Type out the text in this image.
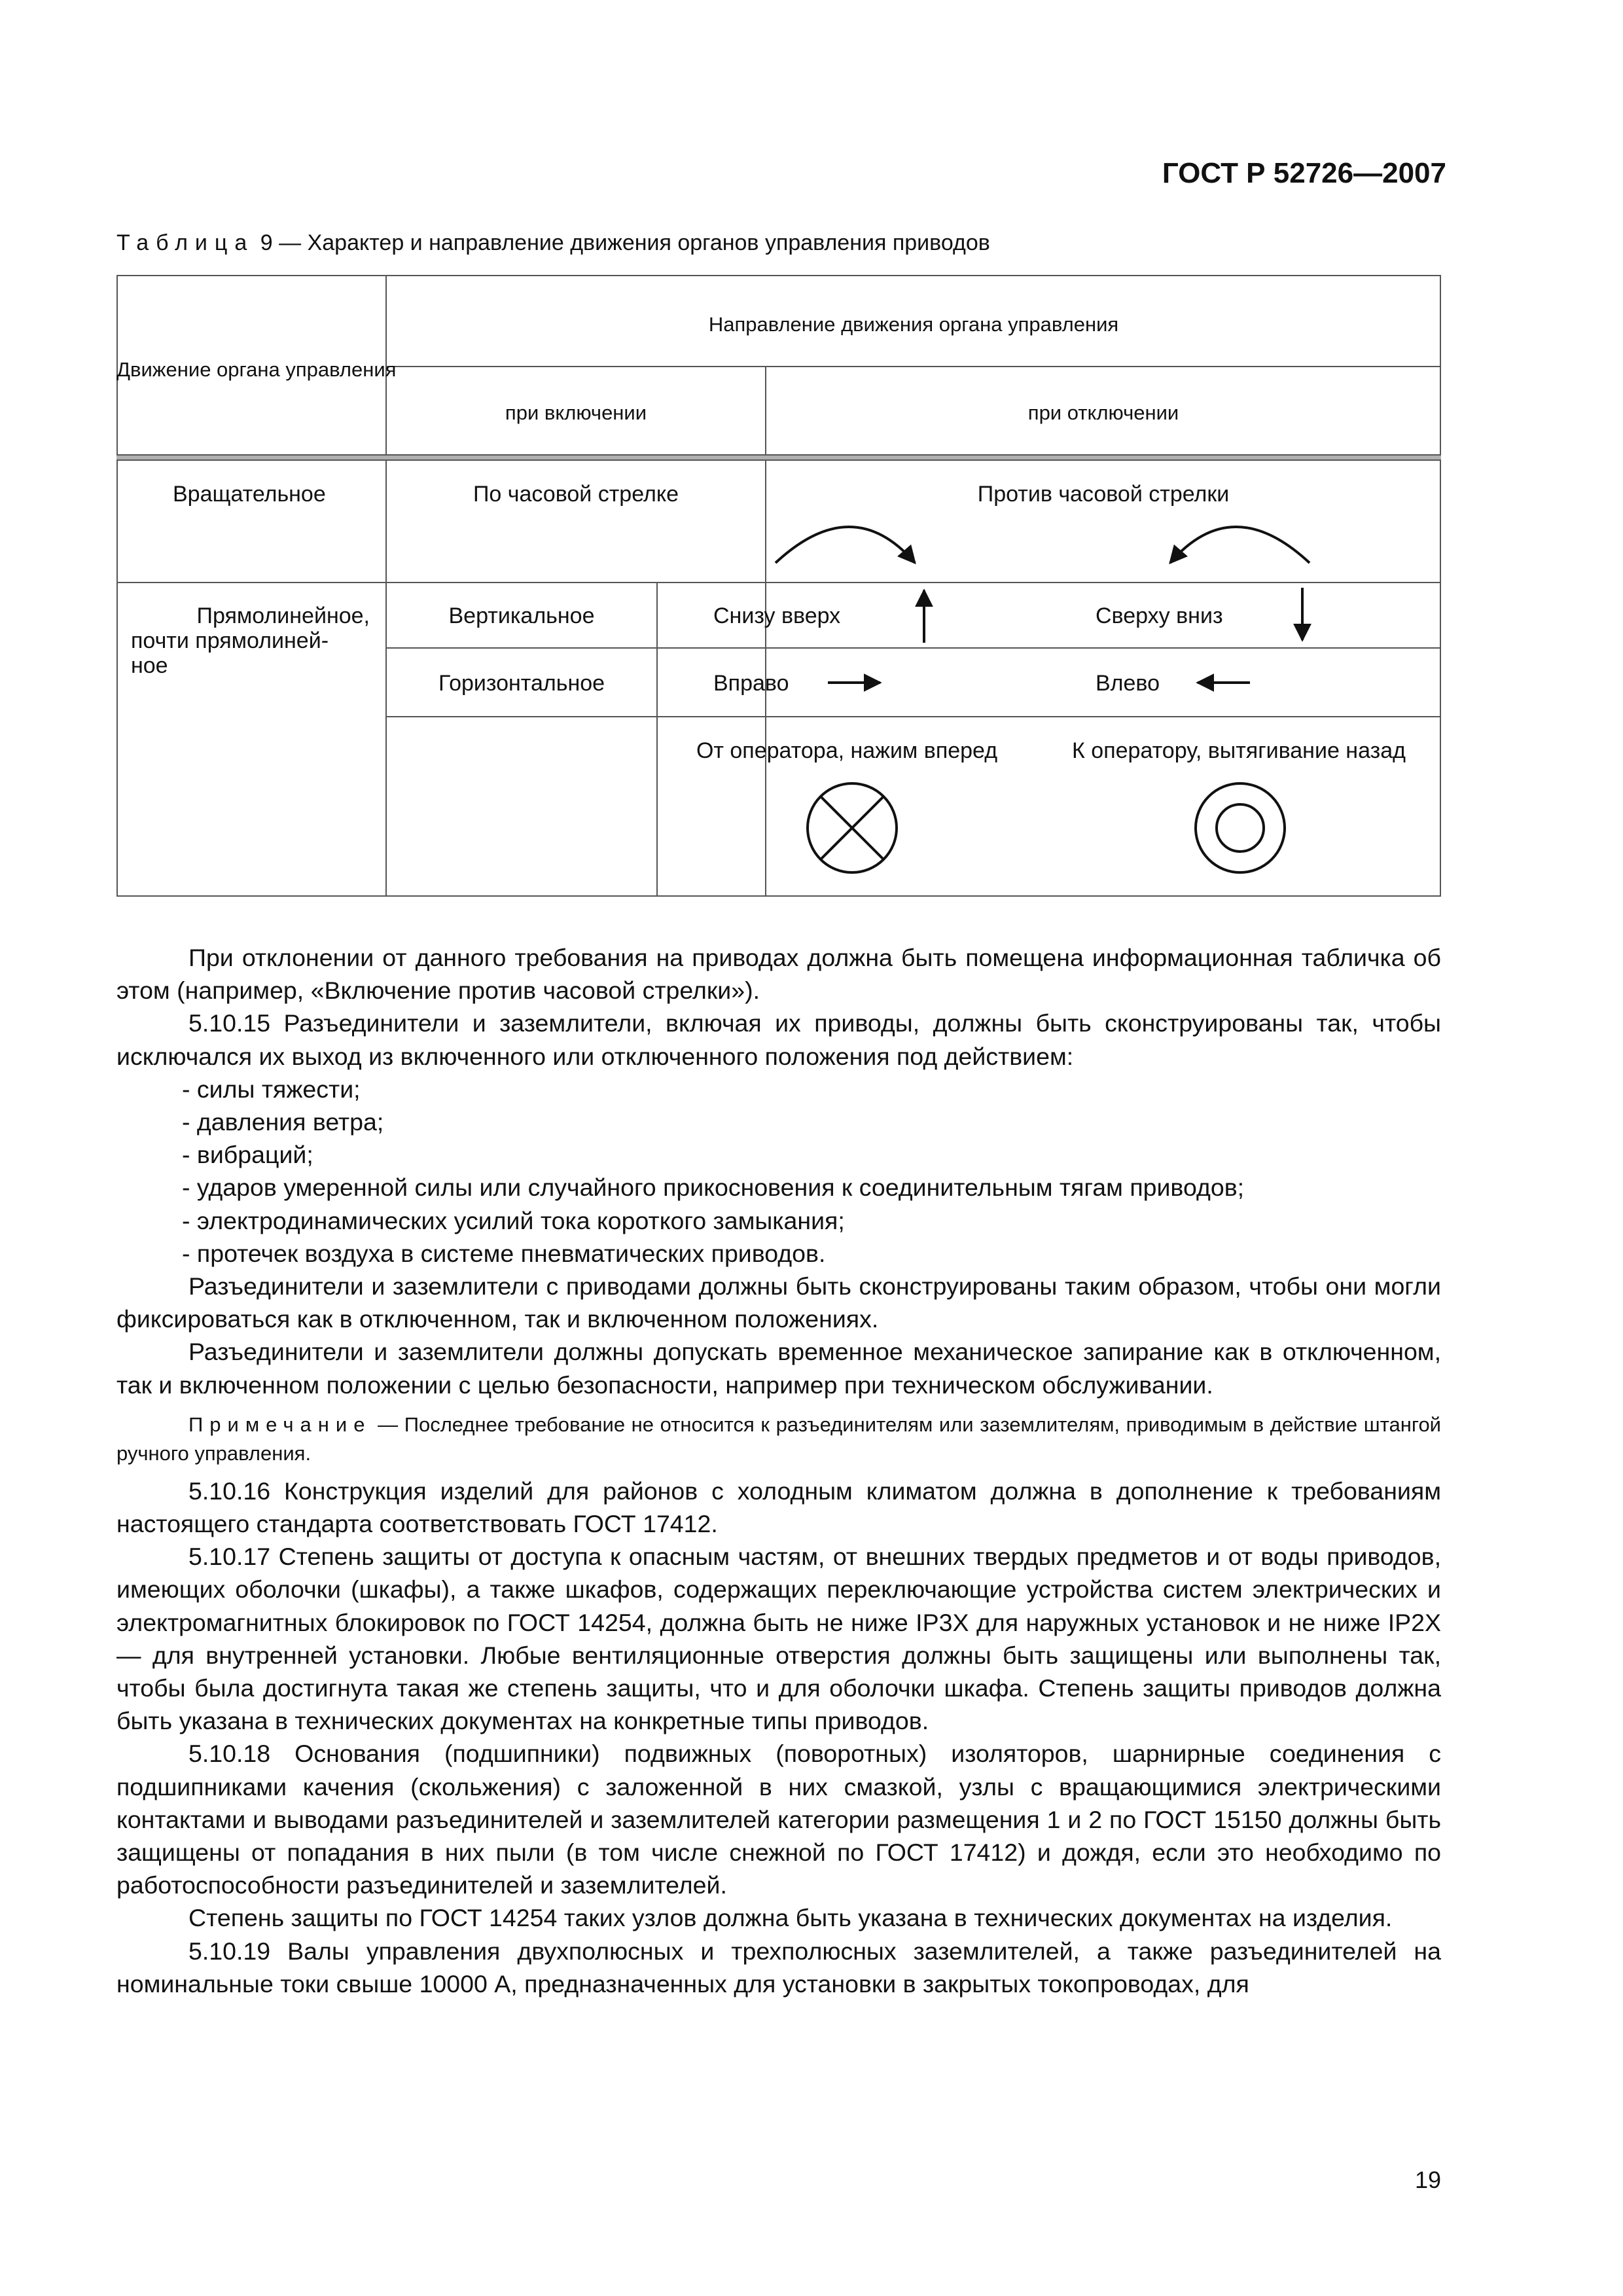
ГОСТ Р 52726—2007
Таблица 9 — Характер и направление движения органов управления приводов
Движение органа управления
Направление движения органа управления
при включении	при отключении
Вращательное	По часовой стрелке	Против часовой стрелки
Прямолинейное,
почти прямолиней-
ное
Вертикальное	Снизу вверх	Сверху вниз
Горизонтальное	Вправо	Влево
От оператора, нажим вперед	К оператору, вытягивание назад

При отклонении от данного требования на приводах должна быть помещена информационная табличка об этом (например, «Включение против часовой стрелки»).

5.10.15 Разъединители и заземлители, включая их приводы, должны быть сконструированы так, чтобы исключался их выход из включенного или отключенного положения под действием:

- силы тяжести;

- давления ветра;

- вибраций;

- ударов умеренной силы или случайного прикосновения к соединительным тягам приводов;

- электродинамических усилий тока короткого замыкания;

- протечек воздуха в системе пневматических приводов.

Разъединители и заземлители с приводами должны быть сконструированы таким образом, чтобы они могли фиксироваться как в отключенном, так и включенном положениях.

Разъединители и заземлители должны допускать временное механическое запирание как в отключенном, так и включенном положении с целью безопасности, например при техническом обслуживании.

Примечание — Последнее требование не относится к разъединителям или заземлителям, приводимым в действие штангой ручного управления.

5.10.16 Конструкция изделий для районов с холодным климатом должна в дополнение к требованиям настоящего стандарта соответствовать ГОСТ 17412.

5.10.17 Степень защиты от доступа к опасным частям, от внешних твердых предметов и от воды приводов, имеющих оболочки (шкафы), а также шкафов, содержащих переключающие устройства систем электрических и электромагнитных блокировок по ГОСТ 14254, должна быть не ниже IP3X для наружных установок и не ниже IP2X — для внутренней установки. Любые вентиляционные отверстия должны быть защищены или выполнены так, чтобы была достигнута такая же степень защиты, что и для оболочки шкафа. Степень защиты приводов должна быть указана в технических документах на конкретные типы приводов.

5.10.18 Основания (подшипники) подвижных (поворотных) изоляторов, шарнирные соединения с подшипниками качения (скольжения) с заложенной в них смазкой, узлы с вращающимися электрическими контактами и выводами разъединителей и заземлителей категории размещения 1 и 2 по ГОСТ 15150 должны быть защищены от попадания в них пыли (в том числе снежной по ГОСТ 17412) и дождя, если это необходимо по работоспособности разъединителей и заземлителей.

Степень защиты по ГОСТ 14254 таких узлов должна быть указана в технических документах на изделия.

5.10.19 Валы управления двухполюсных и трехполюсных заземлителей, а также разъединителей на номинальные токи свыше 10000 А, предназначенных для установки в закрытых токопроводах, для

19
